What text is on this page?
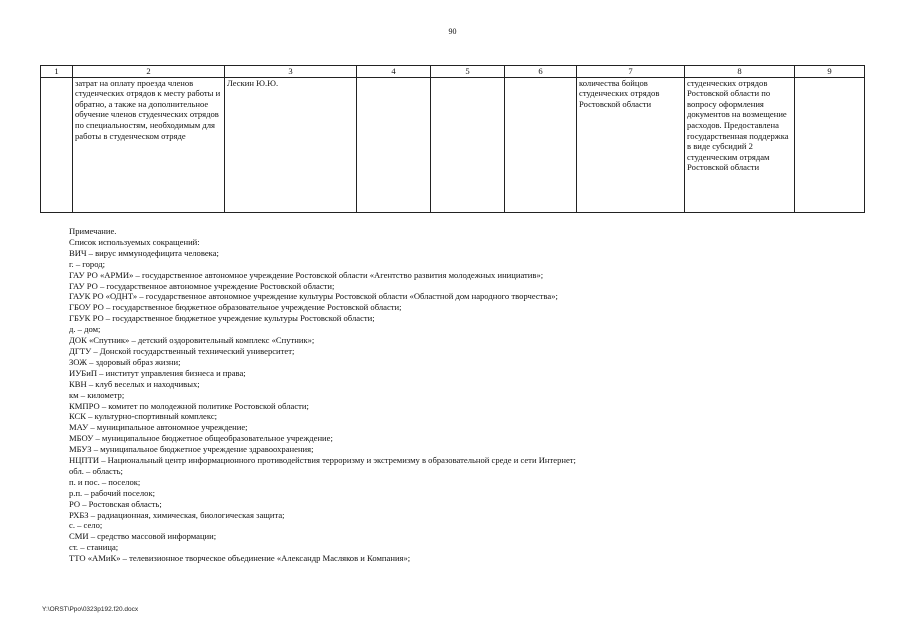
90
1	2	3	4	5	6	7	8	9
	затрат на оплату проезда членов студенческих отрядов к месту работы и обратно, а также на дополнительное обучение членов студенческих отрядов по специальностям, необходимым для работы в студенческом отряде	Лескин Ю.Ю.				количества бойцов студенческих отрядов Ростовской области	студенческих отрядов Ростовской области по вопросу оформления документов на возмещение расходов. Предоставлена государственная поддержка в виде субсидий 2 студенческим отрядам Ростовской области	
Примечание.
Список используемых сокращений:
ВИЧ – вирус иммунодефицита человека;
г. – город;
ГАУ РО «АРМИ» – государственное автономное учреждение Ростовской области «Агентство развития молодежных инициатив»;
ГАУ РО – государственное автономное учреждение Ростовской области;
ГАУК РО «ОДНТ» – государственное автономное учреждение культуры Ростовской области «Областной дом народного творчества»;
ГБОУ РО – государственное бюджетное образовательное учреждение Ростовской области;
ГБУК РО – государственное бюджетное учреждение культуры Ростовской области;
д. – дом;
ДОК «Спутник» – детский оздоровительный комплекс «Спутник»;
ДГТУ – Донской государственный технический университет;
ЗОЖ – здоровый образ жизни;
ИУБиП – институт управления бизнеса и права;
КВН – клуб веселых и находчивых;
км – километр;
КМПРО – комитет по молодежной политике Ростовской области;
КСК – культурно-спортивный комплекс;
МАУ – муниципальное автономное учреждение;
МБОУ – муниципальное бюджетное общеобразовательное учреждение;
МБУЗ – муниципальное бюджетное учреждение здравоохранения;
НЦПТИ – Национальный центр информационного противодействия терроризму и экстремизму в образовательной среде и сети Интернет;
обл. – область;
п. и пос. – поселок;
р.п. – рабочий поселок;
РО – Ростовская область;
РХБЗ – радиационная, химическая, биологическая защита;
с. – село;
СМИ – средство массовой информации;
ст. – станица;
ТТО «АМиК» – телевизионное творческое объединение «Александр Масляков и Компания»;
Y:\ORST\Ppo\0323p192.f20.docx
